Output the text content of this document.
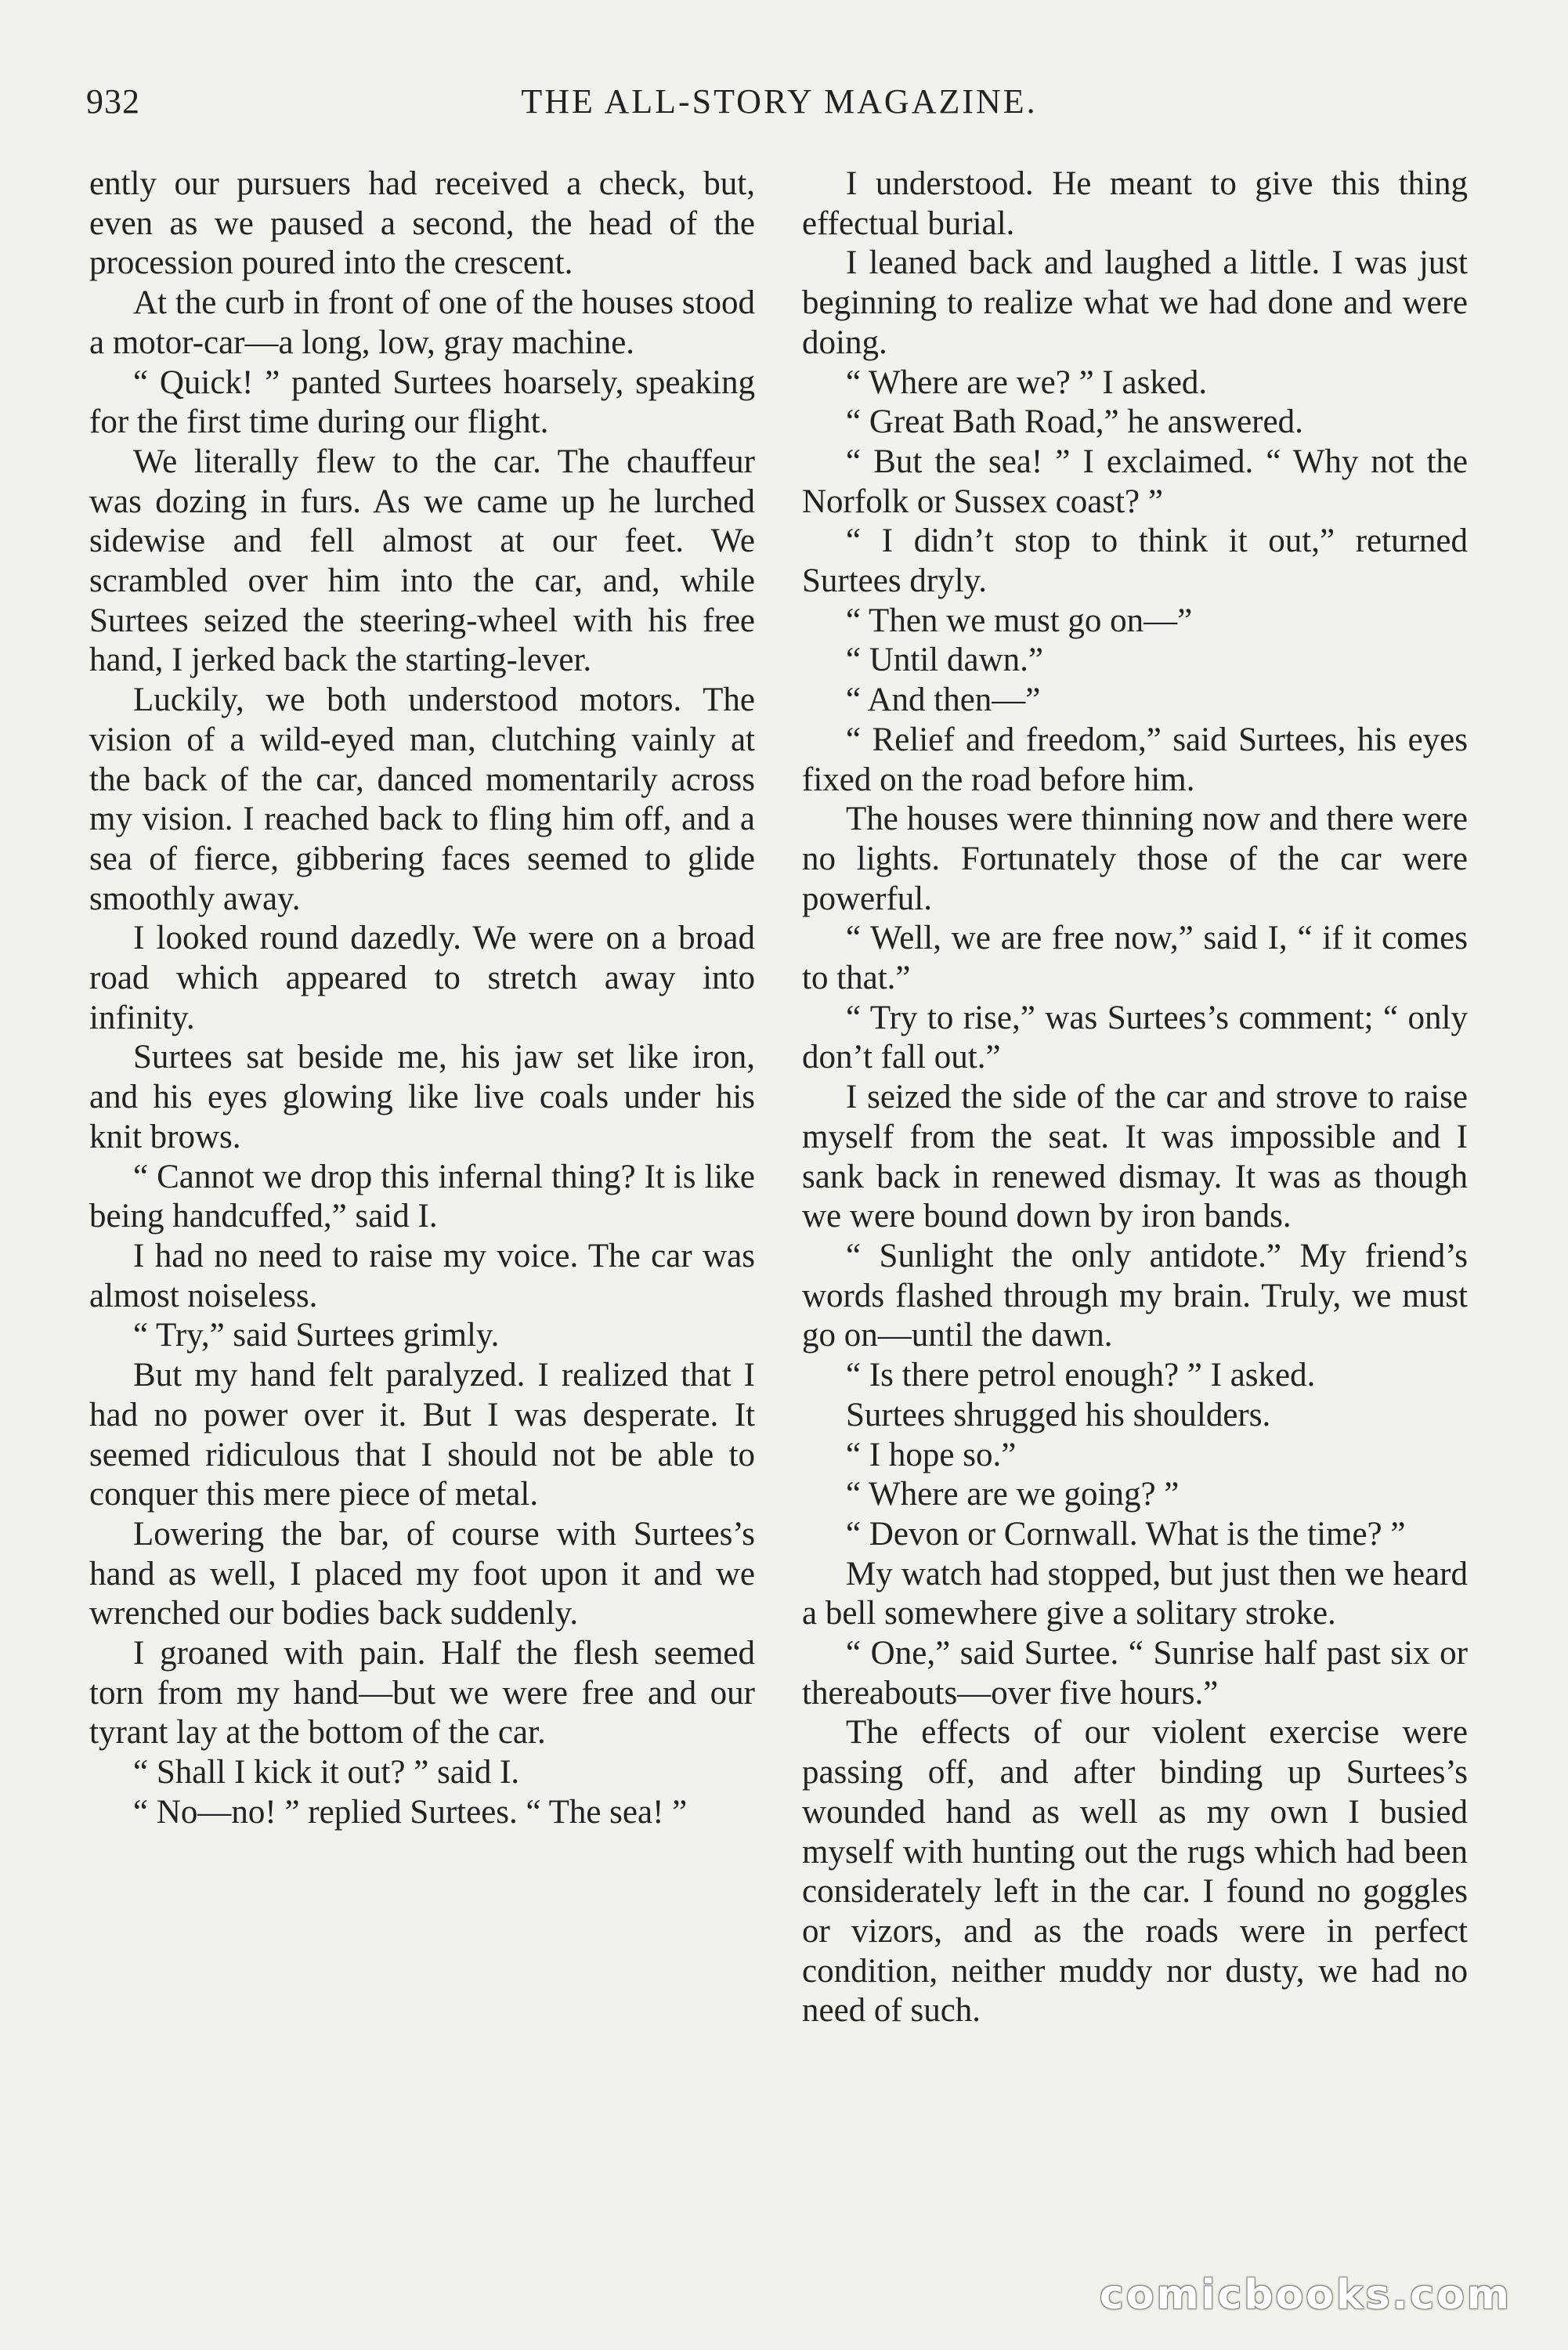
932	THE ALL-STORY MAGAZINE.

ently our pursuers had received a check, but, even as we paused a second, the head of the procession poured into the crescent.

At the curb in front of one of the houses stood a motor-car—a long, low, gray machine.

“ Quick! ” panted Surtees hoarsely, speaking for the first time during our flight.

We literally flew to the car. The chauffeur was dozing in furs. As we came up he lurched sidewise and fell almost at our feet. We scrambled over him into the car, and, while Surtees seized the steering-wheel with his free hand, I jerked back the starting-lever.

Luckily, we both understood motors. The vision of a wild-eyed man, clutching vainly at the back of the car, danced momentarily across my vision. I reached back to fling him off, and a sea of fierce, gibbering faces seemed to glide smoothly away.

I looked round dazedly. We were on a broad road which appeared to stretch away into infinity.

Surtees sat beside me, his jaw set like iron, and his eyes glowing like live coals under his knit brows.

“ Cannot we drop this infernal thing? It is like being handcuffed,” said I.

I had no need to raise my voice. The car was almost noiseless.

“ Try,” said Surtees grimly.

But my hand felt paralyzed. I realized that I had no power over it. But I was desperate. It seemed ridiculous that I should not be able to conquer this mere piece of metal.

Lowering the bar, of course with Surtees’s hand as well, I placed my foot upon it and we wrenched our bodies back suddenly.

I groaned with pain. Half the flesh seemed torn from my hand—but we were free and our tyrant lay at the bottom of the car.

“ Shall I kick it out? ” said I.

“ No—no! ” replied Surtees. “ The sea! ”

I understood. He meant to give this thing effectual burial.

I leaned back and laughed a little. I was just beginning to realize what we had done and were doing.

“ Where are we? ” I asked.

“ Great Bath Road,” he answered.

“ But the sea! ” I exclaimed. “ Why not the Norfolk or Sussex coast? ”

“ I didn’t stop to think it out,” returned Surtees dryly.

“ Then we must go on—”

“ Until dawn.”

“ And then—”

“ Relief and freedom,” said Surtees, his eyes fixed on the road before him.

The houses were thinning now and there were no lights. Fortunately those of the car were powerful.

“ Well, we are free now,” said I, “ if it comes to that.”

“ Try to rise,” was Surtees’s comment; “ only don’t fall out.”

I seized the side of the car and strove to raise myself from the seat. It was impossible and I sank back in renewed dismay. It was as though we were bound down by iron bands.

“ Sunlight the only antidote.” My friend’s words flashed through my brain. Truly, we must go on—until the dawn.

“ Is there petrol enough? ” I asked.

Surtees shrugged his shoulders.

“ I hope so.”

“ Where are we going? ”

“ Devon or Cornwall. What is the time? ”

My watch had stopped, but just then we heard a bell somewhere give a solitary stroke.

“ One,” said Surtee. “ Sunrise half past six or thereabouts—over five hours.”

The effects of our violent exercise were passing off, and after binding up Surtees’s wounded hand as well as my own I busied myself with hunting out the rugs which had been considerately left in the car. I found no goggles or vizors, and as the roads were in perfect condition, neither muddy nor dusty, we had no need of such.

comicbooks.com
